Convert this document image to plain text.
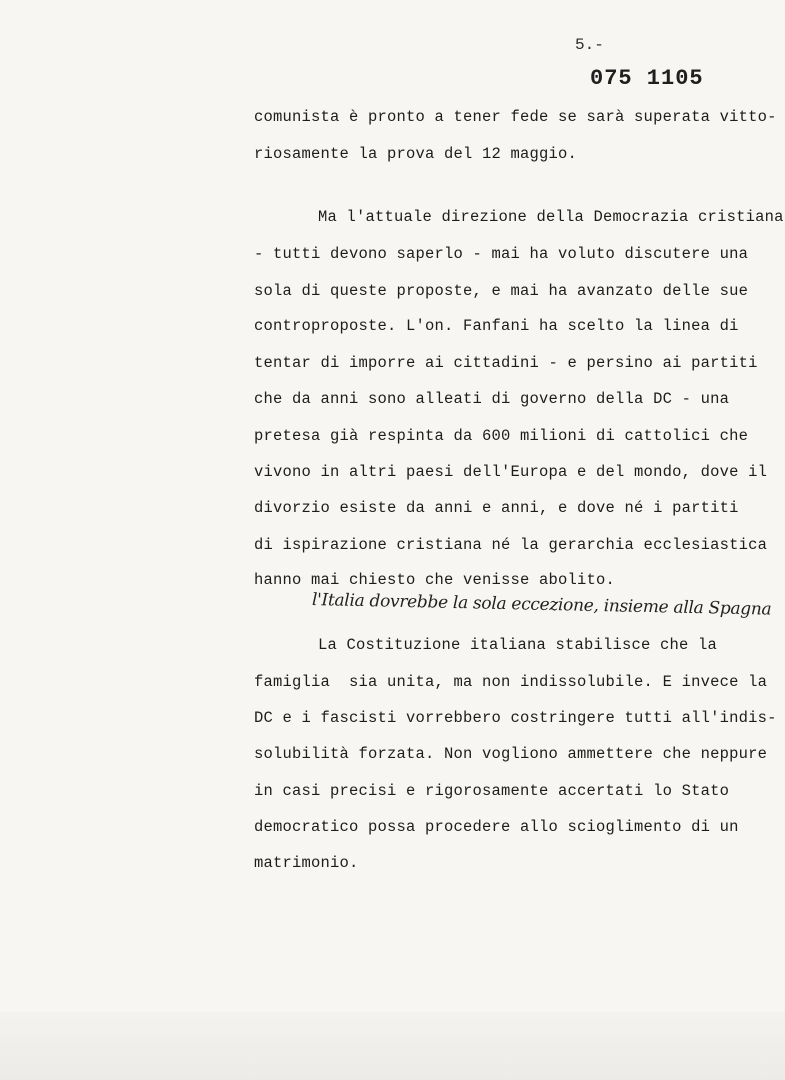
5.-
075 1105
comunista è pronto a tener fede se sarà superata vitto-
riosamente la prova del 12 maggio.
Ma l'attuale direzione della Democrazia cristiana
- tutti devono saperlo - mai ha voluto discutere una
sola di queste proposte, e mai ha avanzato delle sue
controproposte. L'on. Fanfani ha scelto la linea di
tentar di imporre ai cittadini - e persino ai partiti
che da anni sono alleati di governo della DC - una
pretesa già respinta da 600 milioni di cattolici che
vivono in altri paesi dell'Europa e del mondo, dove il
divorzio esiste da anni e anni, e dove né i partiti
di ispirazione cristiana né la gerarchia ecclesiastica
hanno mai chiesto che venisse abolito.
l'Italia dovrebbe la sola eccezione, insieme alla Spagna
La Costituzione italiana stabilisce che la
famiglia  sia unita, ma non indissolubile. E invece la
DC e i fascisti vorrebbero costringere tutti all'indis-
solubilità forzata. Non vogliono ammettere che neppure
in casi precisi e rigorosamente accertati lo Stato
democratico possa procedere allo scioglimento di un
matrimonio.
